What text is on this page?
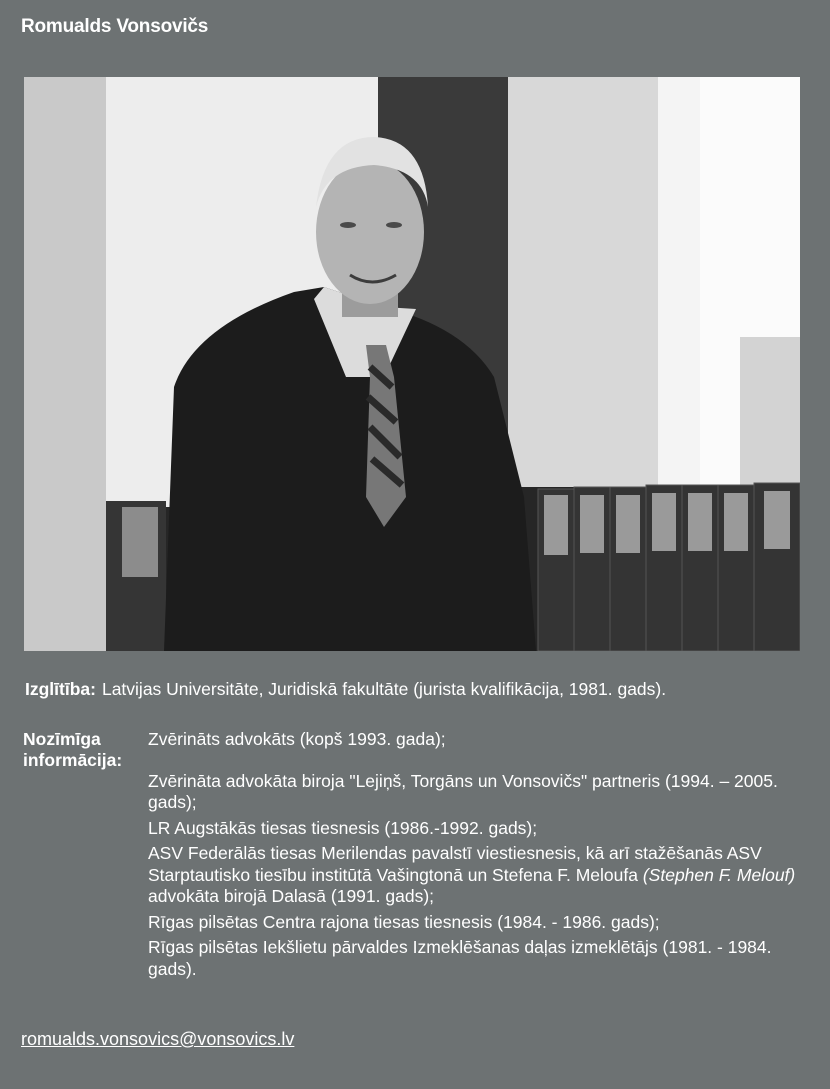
Romualds Vonsovičs
Izglītība: Latvijas Universitāte, Juridiskā fakultāte (jurista kvalifikācija, 1981. gads).
Nozīmīga
informācija:
Zvērināts advokāts (kopš 1993. gada);
Zvērināta advokāta biroja "Lejiņš, Torgāns un Vonsovičs" partneris (1994. – 2005. gads);
LR Augstākās tiesas tiesnesis (1986.-1992. gads);
ASV Federālās tiesas Merilendas pavalstī viestiesnesis, kā arī stažēšanās ASV Starptautisko tiesību institūtā Vašingtonā un Stefena F. Meloufa (Stephen F. Melouf) advokāta birojā Dalasā (1991. gads);
Rīgas pilsētas Centra rajona tiesas tiesnesis (1984. - 1986. gads);
Rīgas pilsētas Iekšlietu pārvaldes Izmeklēšanas daļas izmeklētājs (1981. - 1984. gads).
romualds.vonsovics@vonsovics.lv
